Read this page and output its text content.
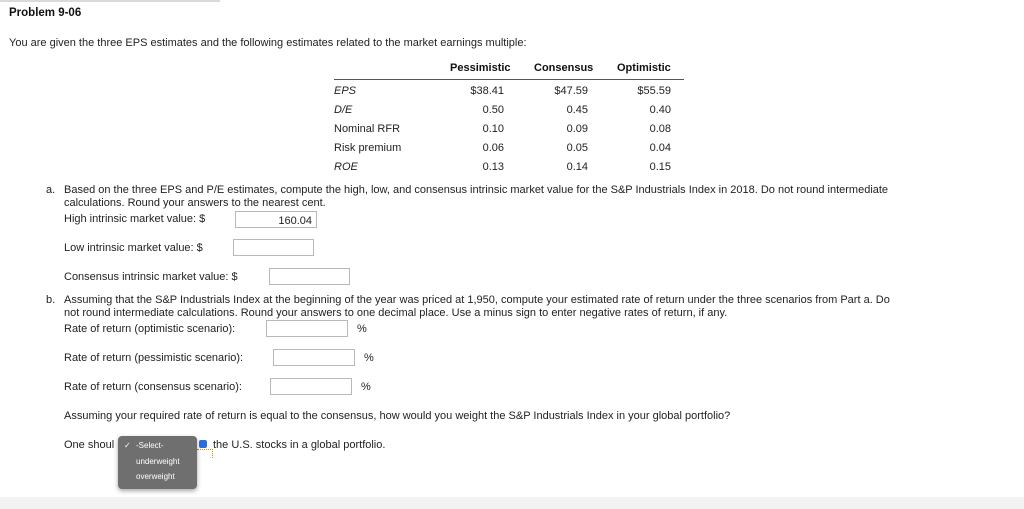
Problem 9-06
You are given the three EPS estimates and the following estimates related to the market earnings multiple:
Pessimistic Consensus Optimistic
EPS	$38.41	$47.59	$55.59
D/E	0.50	0.45	0.40
Nominal RFR	0.10	0.09	0.08
Risk premium	0.06	0.05	0.04
ROE	0.13	0.14	0.15
a. Based on the three EPS and P/E estimates, compute the high, low, and consensus intrinsic market value for the S&P Industrials Index in 2018. Do not round intermediate
calculations. Round your answers to the nearest cent.
High intrinsic market value: $
160.04
Low intrinsic market value: $
Consensus intrinsic market value: $
b. Assuming that the S&P Industrials Index at the beginning of the year was priced at 1,950, compute your estimated rate of return under the three scenarios from Part a. Do
not round intermediate calculations. Round your answers to one decimal place. Use a minus sign to enter negative rates of return, if any.
Rate of return (optimistic scenario):	%
Rate of return (pessimistic scenario):	%
Rate of return (consensus scenario):	%
Assuming your required rate of return is equal to the consensus, how would you weight the S&P Industrials Index in your global portfolio?
One shoul	the U.S. stocks in a global portfolio.
✓ -Select-
underweight
overweight
